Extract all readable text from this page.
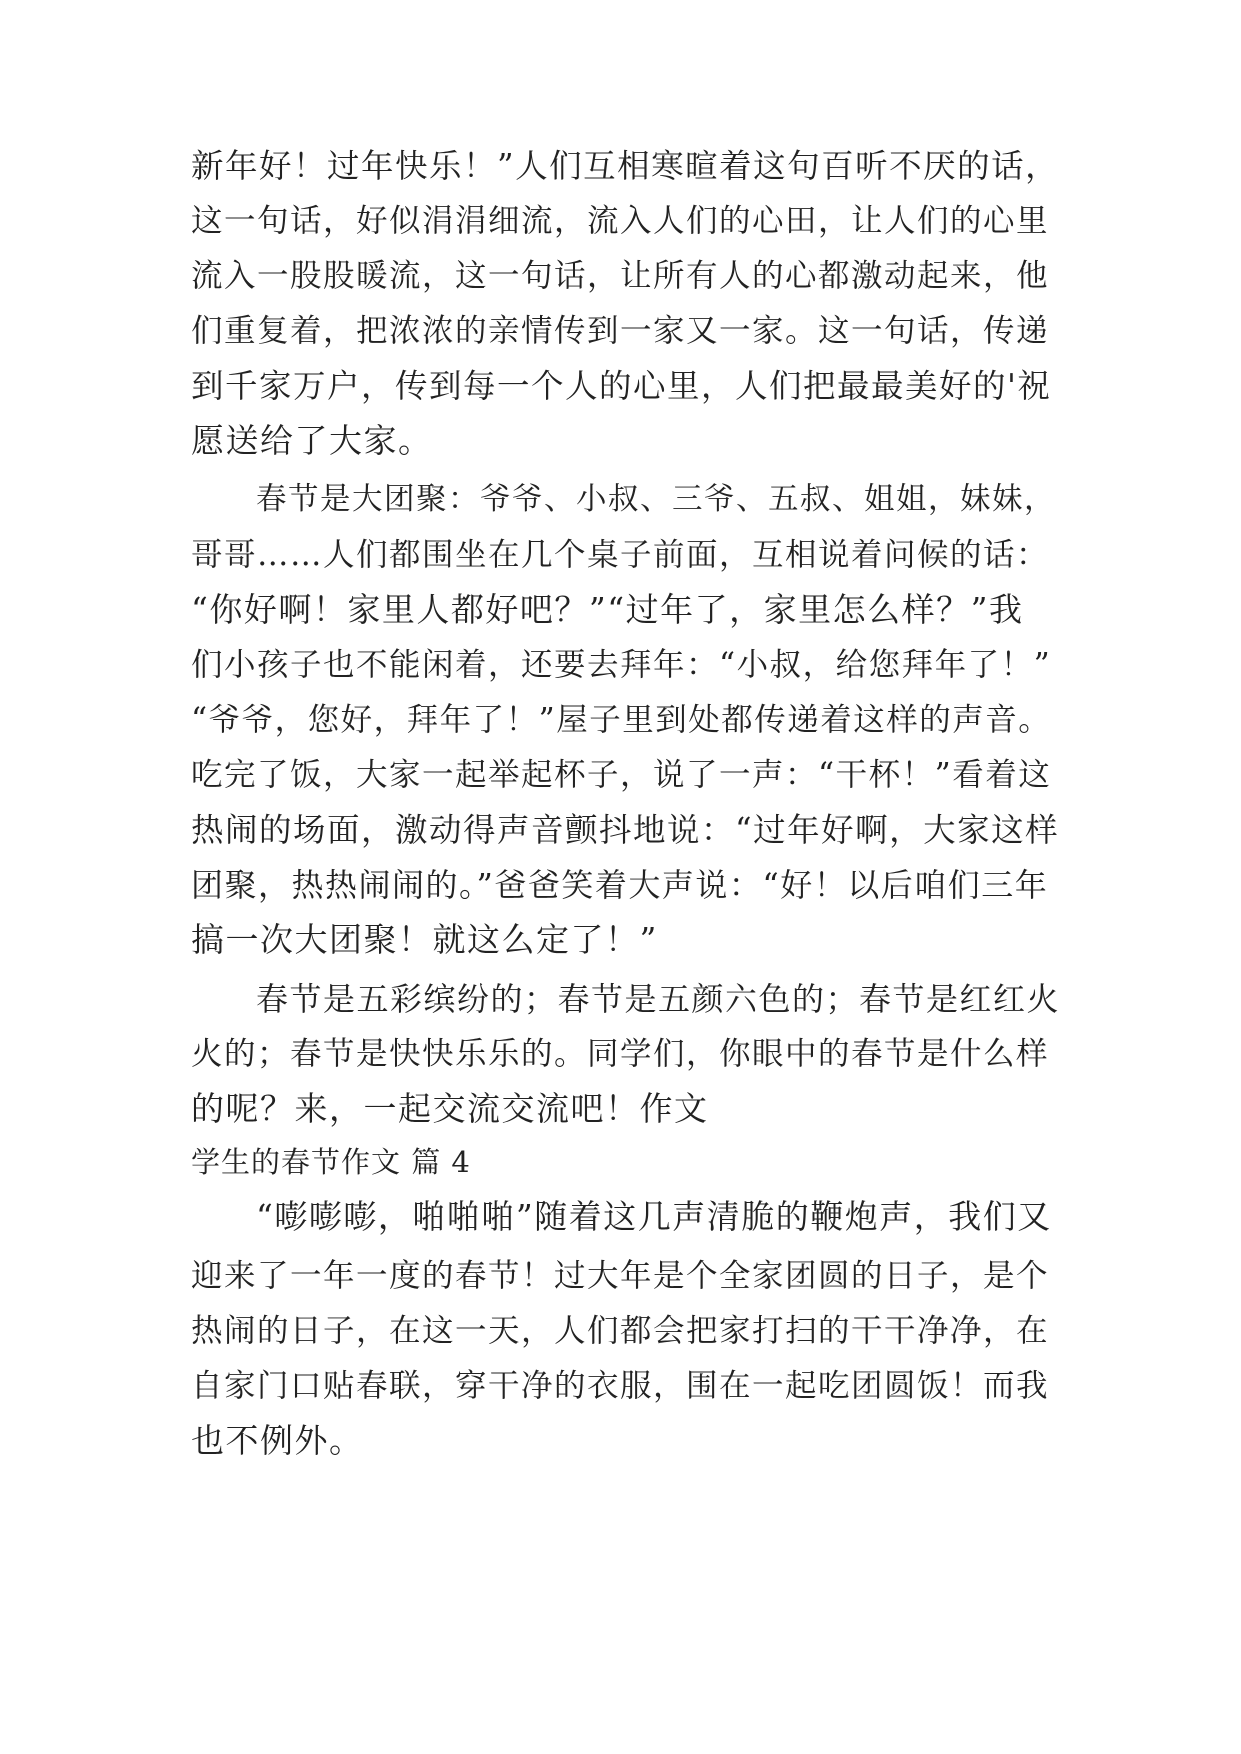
新年好！过年快乐！”人们互相寒暄着这句百听不厌的话，
这一句话，好似涓涓细流，流入人们的心田，让人们的心里
流入一股股暖流，这一句话，让所有人的心都激动起来，他
们重复着，把浓浓的亲情传到一家又一家。这一句话，传递
到千家万户，传到每一个人的心里，人们把最最美好的'祝
愿送给了大家。
春节是大团聚：爷爷、小叔、三爷、五叔、姐姐，妹妹，
哥哥……人们都围坐在几个桌子前面，互相说着问候的话：
“你好啊！家里人都好吧？”“过年了，家里怎么样？”我
们小孩子也不能闲着，还要去拜年：“小叔，给您拜年了！”
“爷爷，您好，拜年了！”屋子里到处都传递着这样的声音。
吃完了饭，大家一起举起杯子，说了一声：“干杯！”看着这
热闹的场面，激动得声音颤抖地说：“过年好啊，大家这样
团聚，热热闹闹的。”爸爸笑着大声说：“好！以后咱们三年
搞一次大团聚！就这么定了！”
春节是五彩缤纷的；春节是五颜六色的；春节是红红火
火的；春节是快快乐乐的。同学们，你眼中的春节是什么样
的呢？来，一起交流交流吧！作文
学生的春节作文 篇 4
“嘭嘭嘭，啪啪啪”随着这几声清脆的鞭炮声，我们又
迎来了一年一度的春节！过大年是个全家团圆的日子，是个
热闹的日子，在这一天，人们都会把家打扫的干干净净，在
自家门口贴春联，穿干净的衣服，围在一起吃团圆饭！而我
也不例外。
